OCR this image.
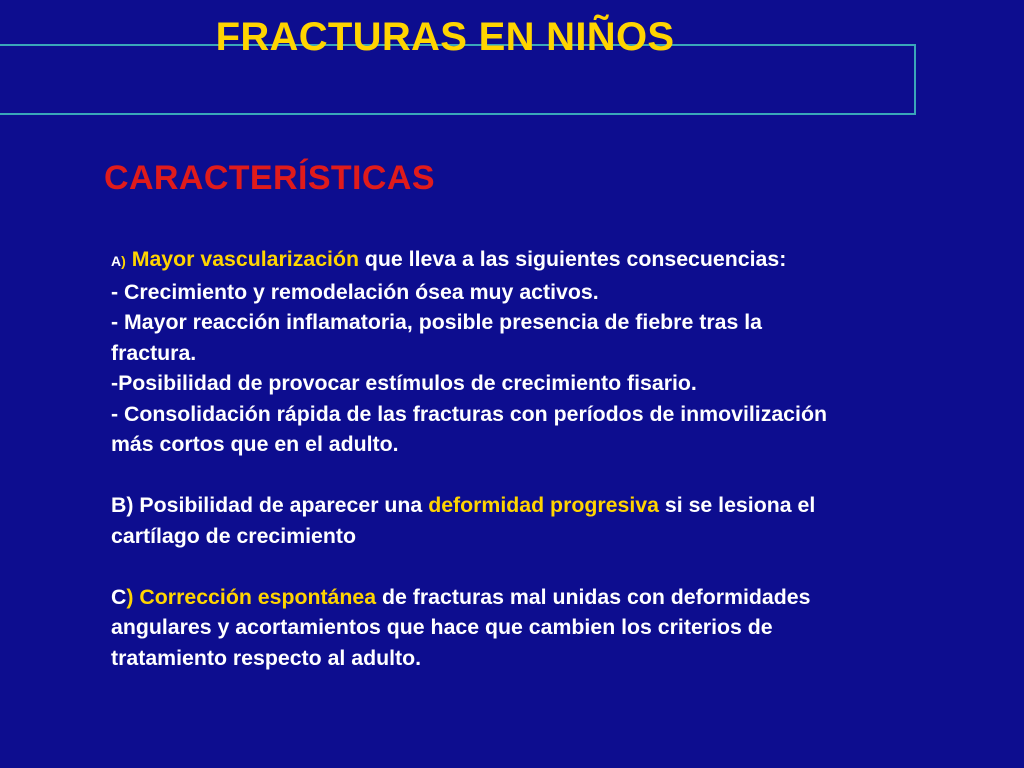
FRACTURAS EN NIÑOS
CARACTERÍSTICAS
A) Mayor vascularización que lleva a las siguientes consecuencias:
- Crecimiento y remodelación ósea muy activos.
- Mayor reacción inflamatoria, posible presencia de fiebre tras la
fractura.
-Posibilidad de provocar estímulos de crecimiento fisario.
- Consolidación rápida de las fracturas con períodos de inmovilización
más cortos que en el adulto.
B) Posibilidad de aparecer una deformidad progresiva si se lesiona el
cartílago de crecimiento
C) Corrección espontánea de fracturas mal unidas con deformidades
angulares y acortamientos que hace que cambien los criterios de
tratamiento respecto al adulto.
